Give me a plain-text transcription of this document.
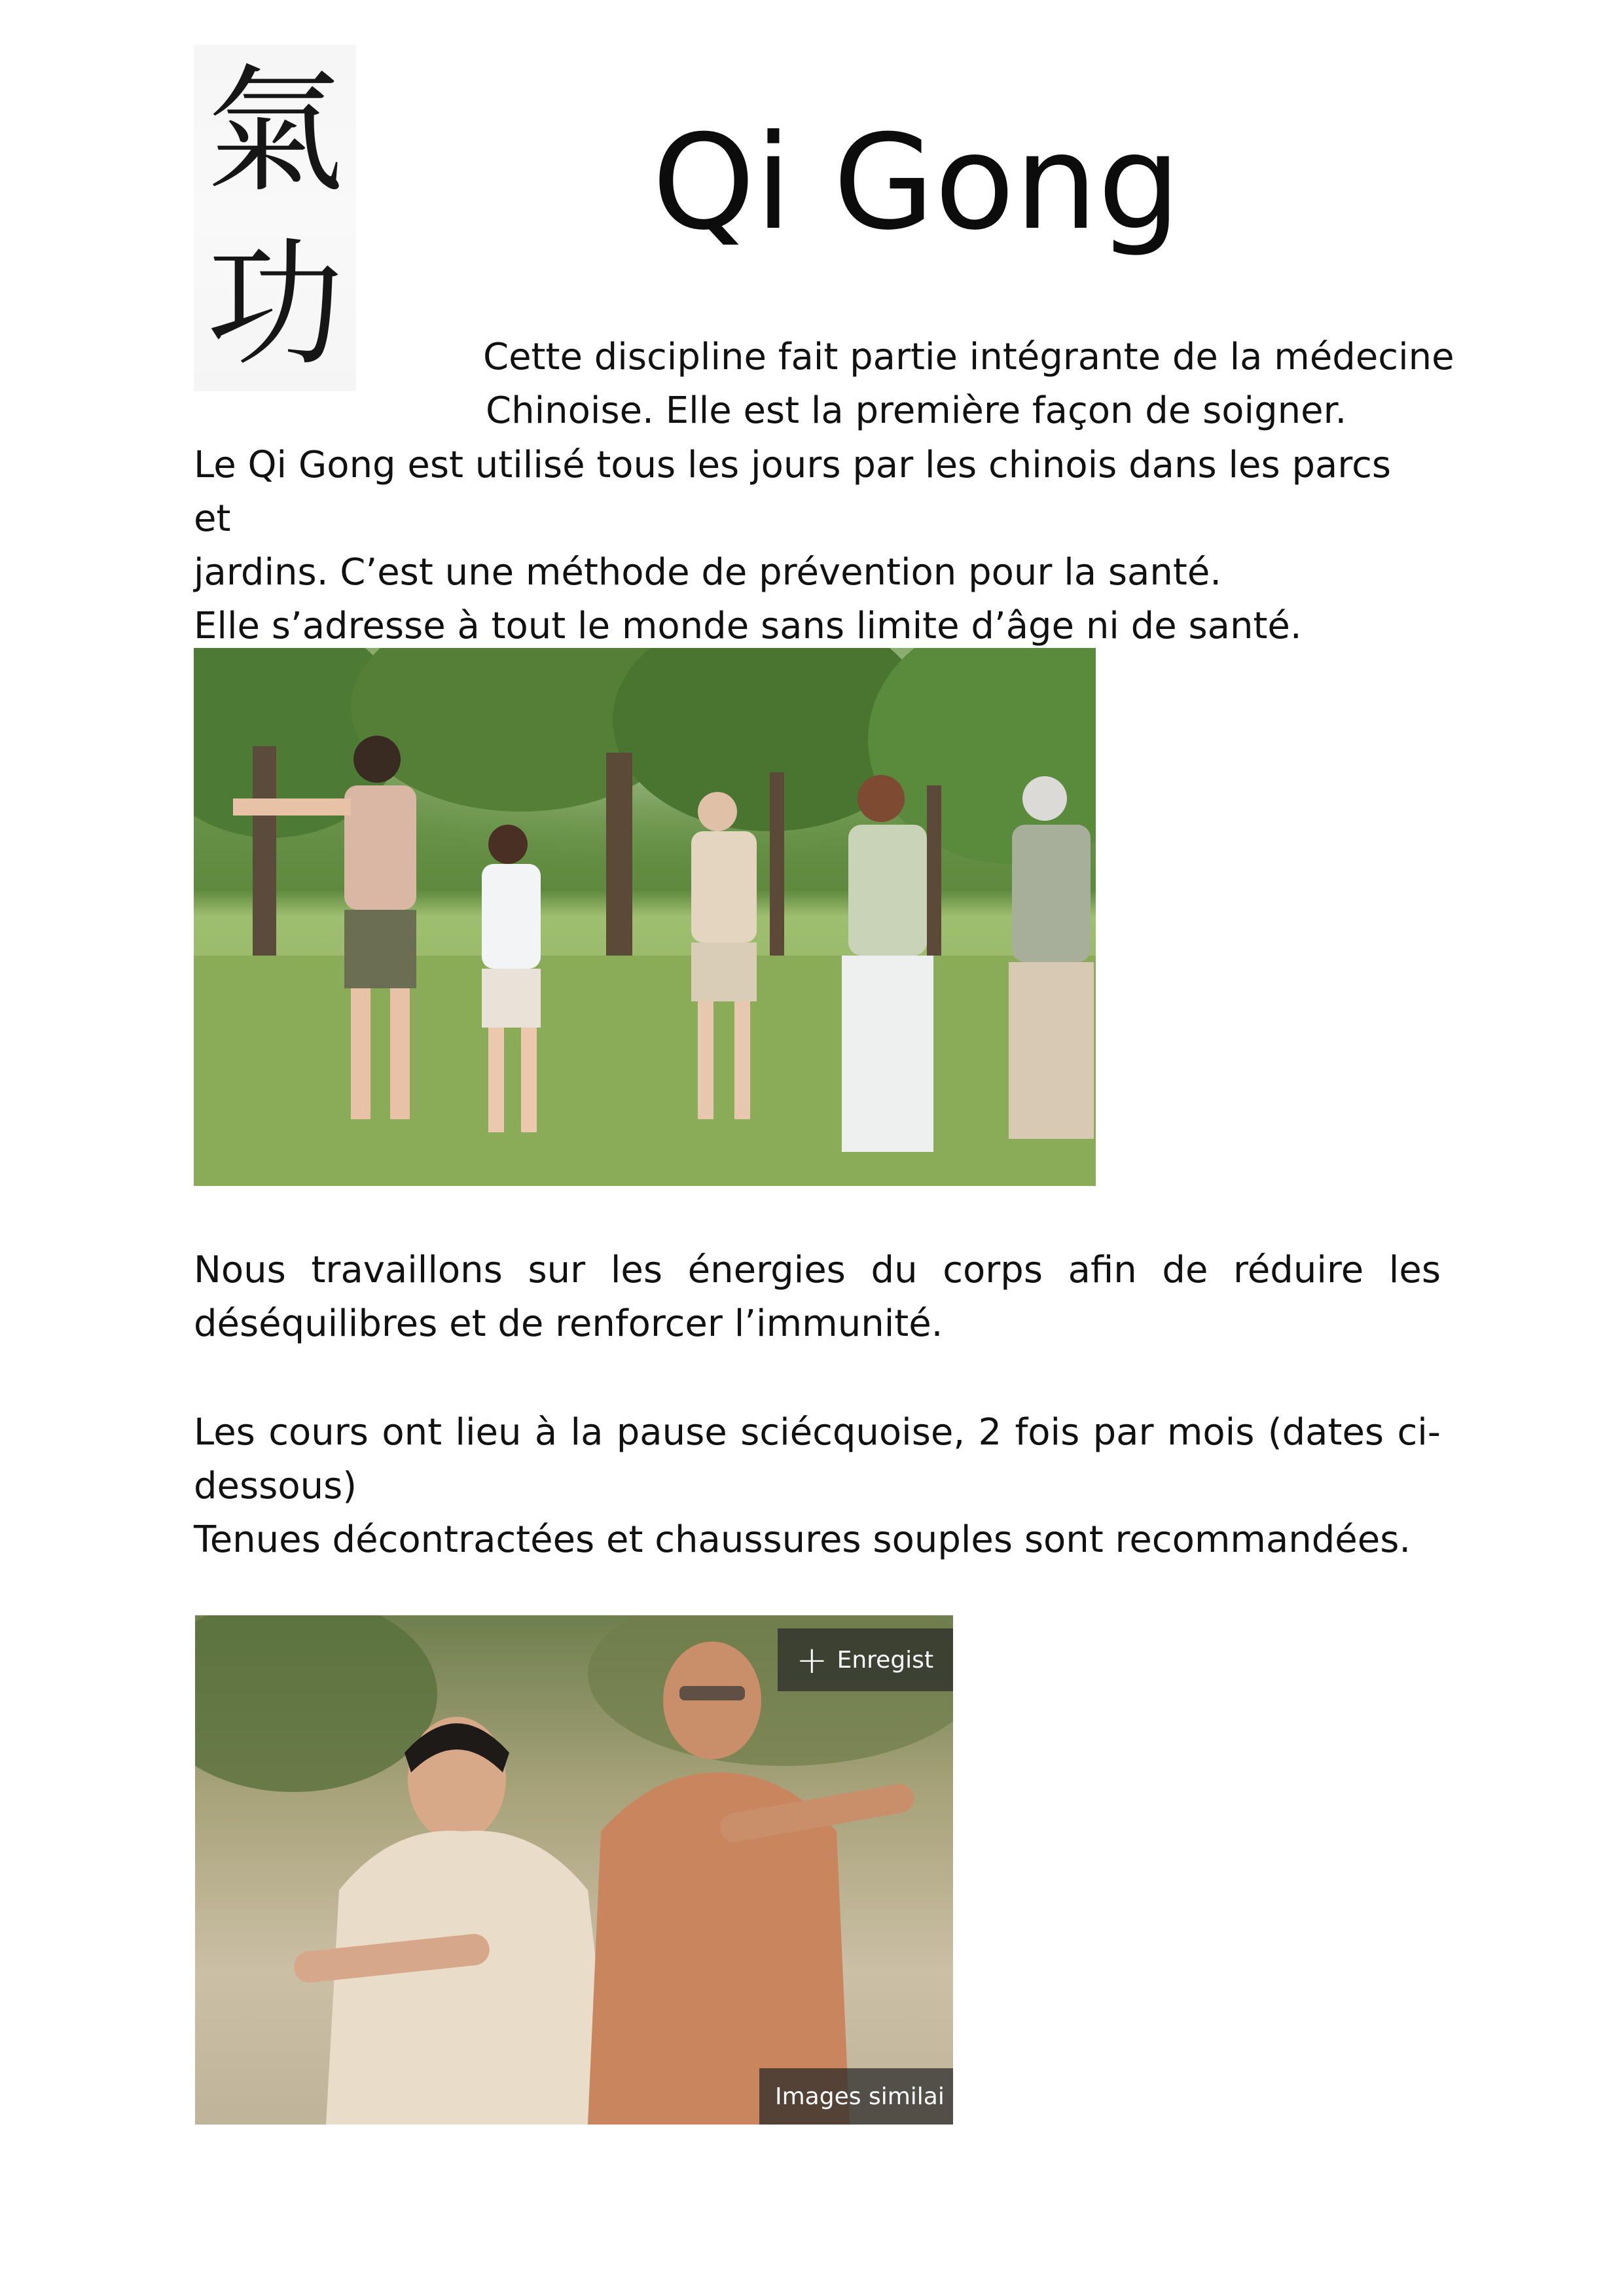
氣
功
Qi Gong
Cette discipline fait partie intégrante de la médecine
Chinoise. Elle est la première façon de soigner.
Le Qi Gong est utilisé tous les jours par les chinois dans les parcs et
jardins. C’est une méthode de prévention pour la santé.
Elle s’adresse à tout le monde sans limite d’âge ni de santé.
Nous travaillons sur les énergies du corps afin de réduire les déséquilibres et de renforcer l’immunité.
Les cours ont lieu à la pause sciécquoise, 2 fois par mois (dates ci-dessous)
Tenues décontractées et chaussures souples sont recommandées.
+ Enregist
Images similai
